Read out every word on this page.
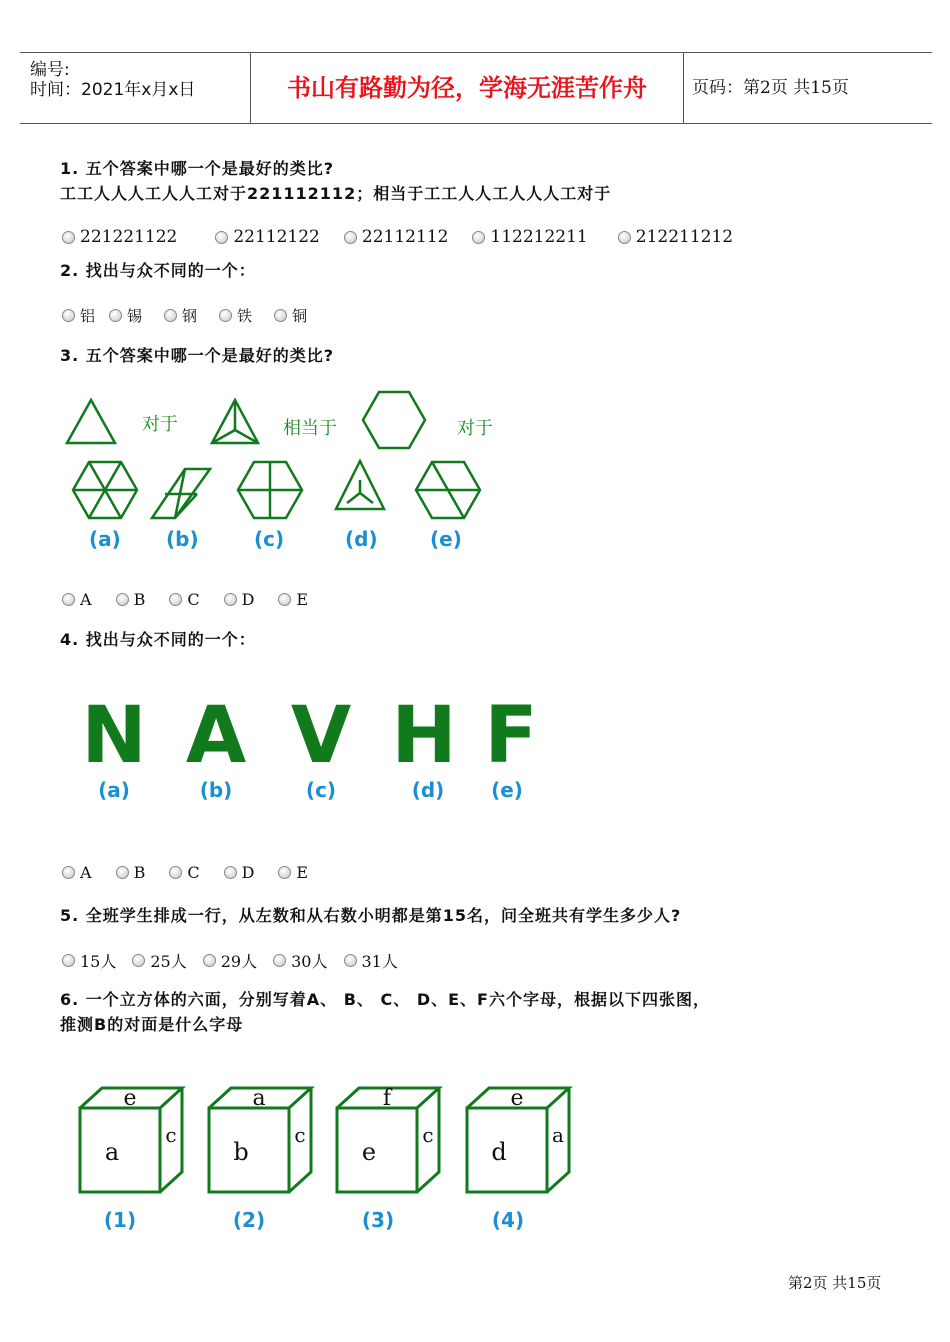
编号:
时间：2021年x月x日	书山有路勤为径，学海无涯苦作舟	页码：第2页 共15页
1. 五个答案中哪一个是最好的类比?
工工人人人工人人工对于221112112；相当于工工人人工人人人工对于
221221122	22112122 22112112 112212211	212211212
2. 找出与众不同的一个：
铝 锡	钢	铁	铜
3. 五个答案中哪一个是最好的类比?
对于	相当于	对于
(a) (b)	(c)	(d)	(e)
A	B	C	D	E
4. 找出与众不同的一个：
N A V H F
(a)	(b)	(c)	(d) (e)
A	B	C	D	E
5. 全班学生排成一行，从左数和从右数小明都是第15名，问全班共有学生多少人?
15人 25人 29人 30人 31人
6. 一个立方体的六面，分别写着A、 B、 C、 D、E、F六个字母，根据以下四张图，
推测B的对面是什么字母
e
a
c
a
b
c
f
e
c
e
d
a
(1)	(2)	(3)	(4)
第2页 共15页
